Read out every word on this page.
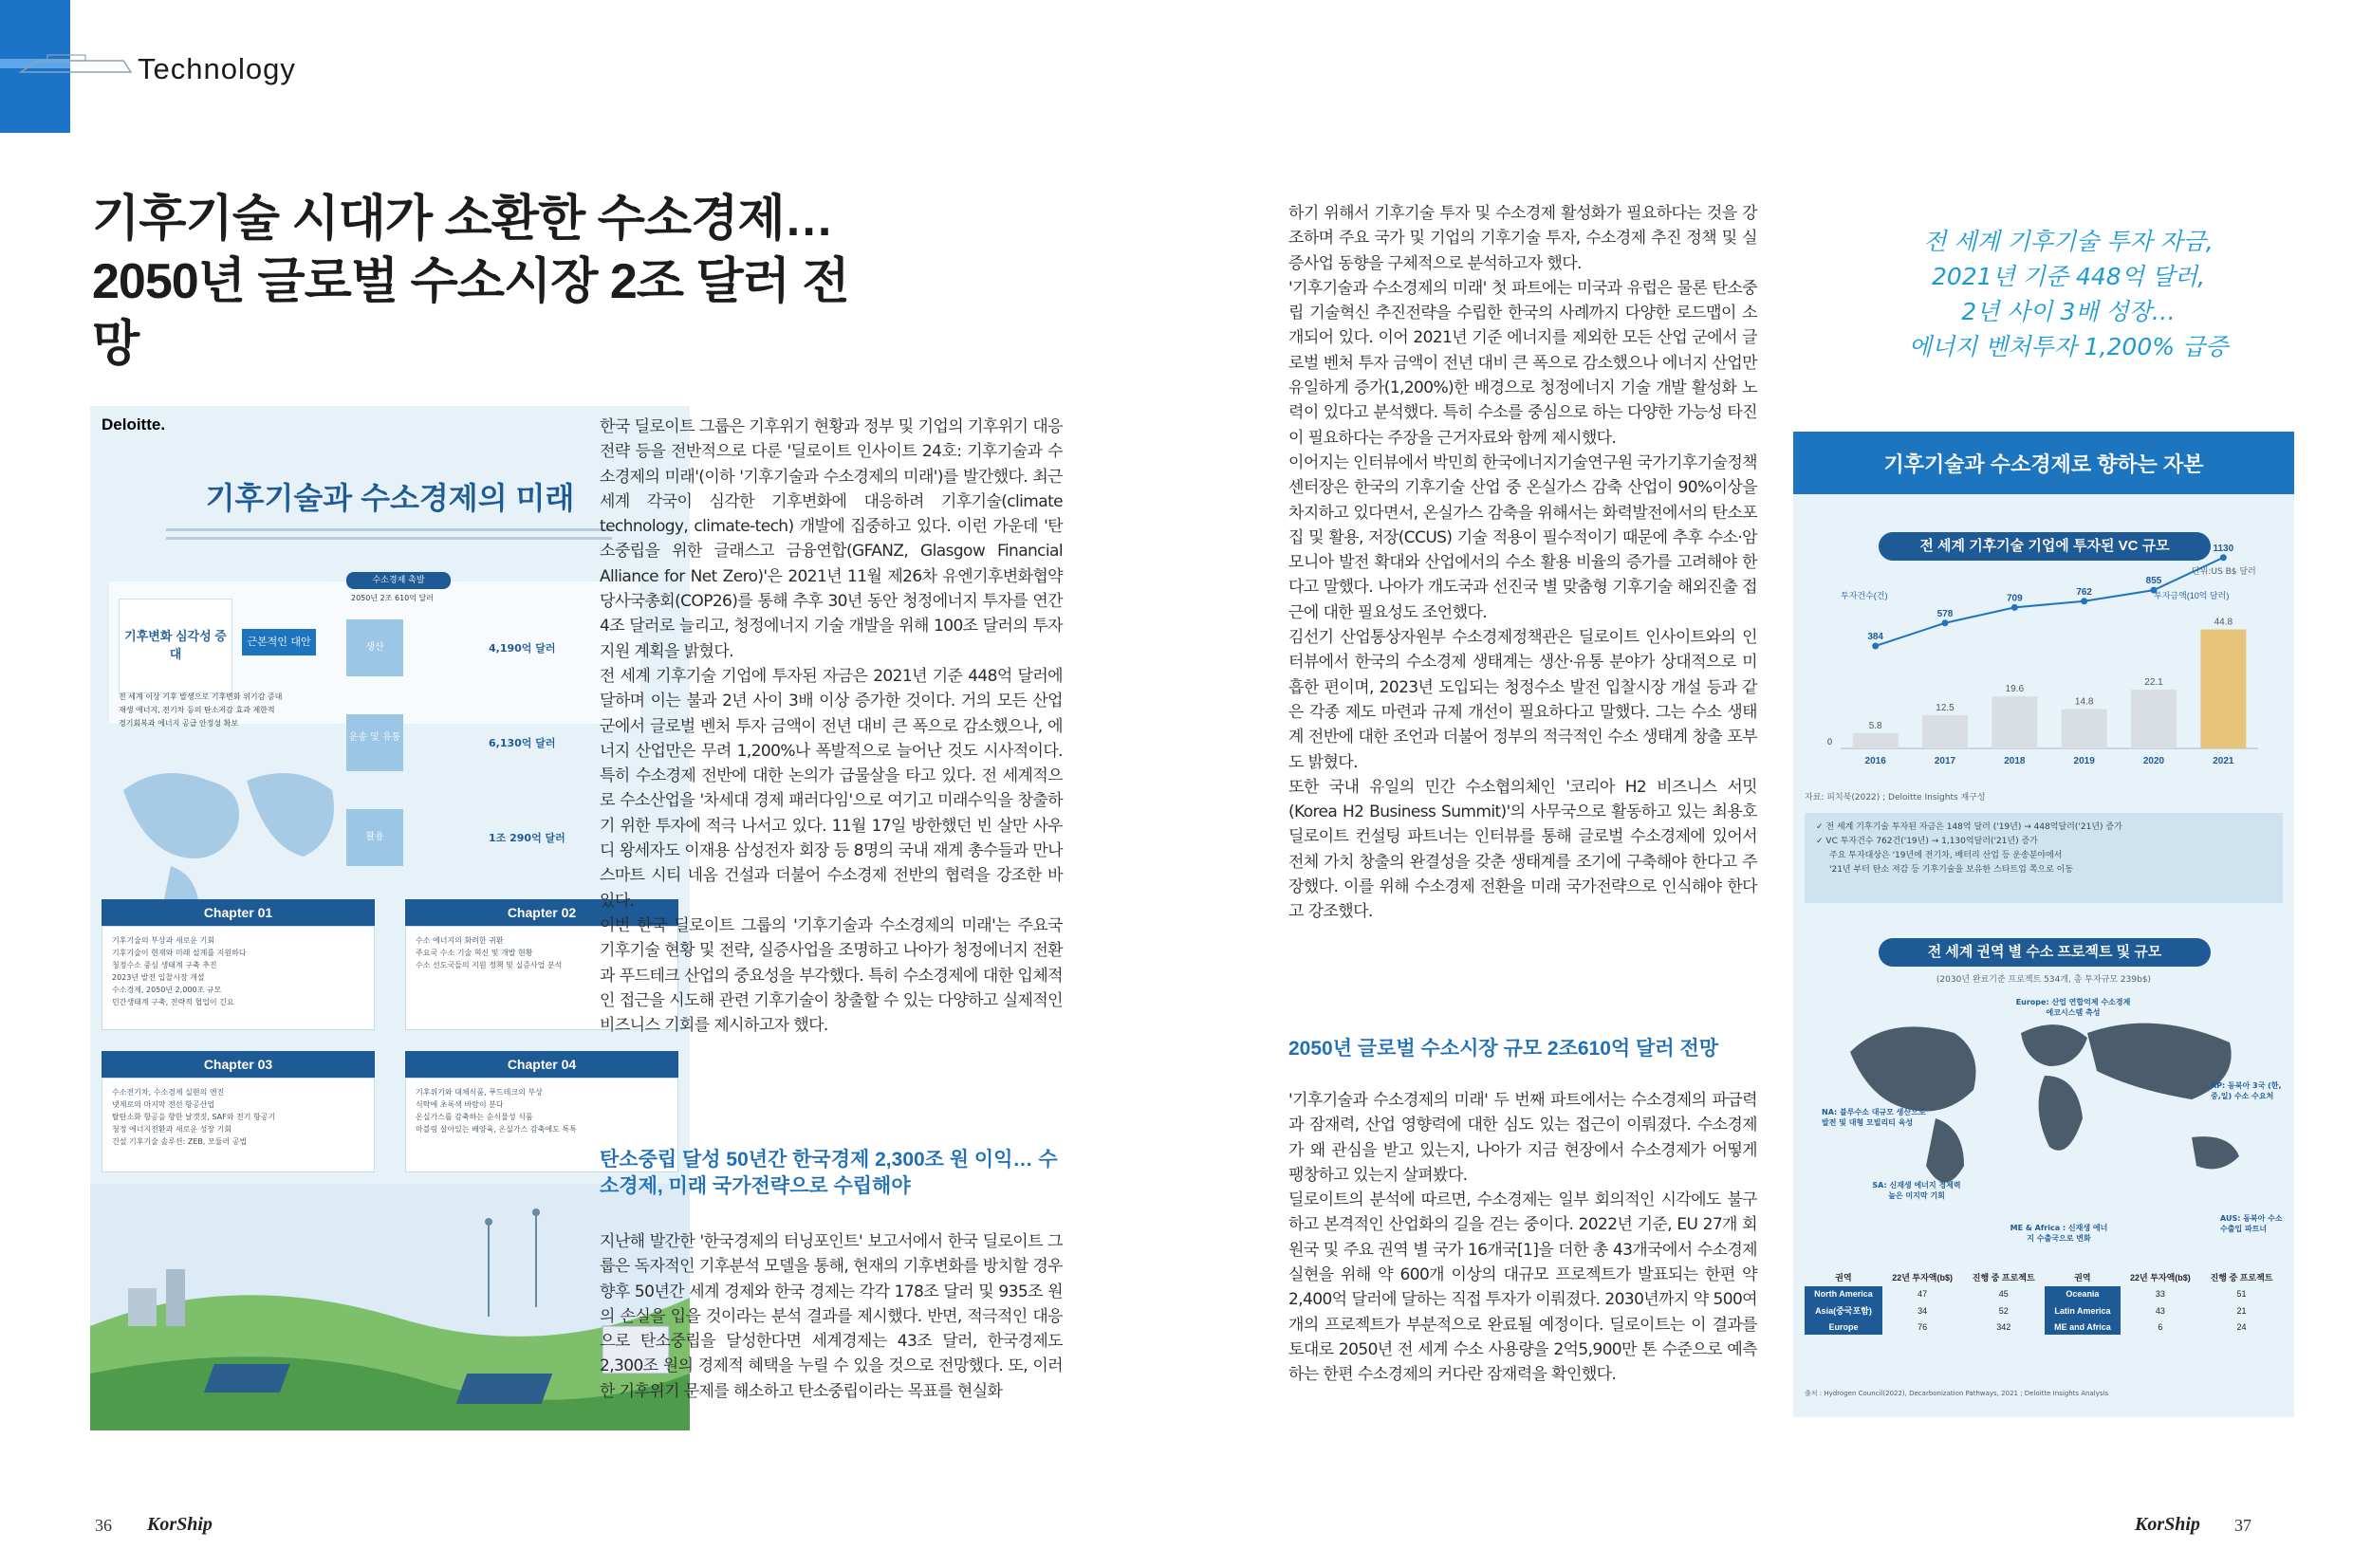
Technology
기후기술 시대가 소환한 수소경제…
2050년 글로벌 수소시장 2조 달러 전망
Deloitte.
기후기술과 수소경제의 미래
기후변화 심각성 증대
근본적인 대안
수소경제 촉발
2050년 2조 610억 달러
생산	4,190억 달러
운송 및 유통	6,130억 달러
활용	1조 290억 달러
전 세계 이상 기후 발생으로 기후변화 위기감 증대
재생 에너지, 전기차 등의 탄소저감 효과 제한적
경기회복과 에너지 공급 안정성 확보
Chapter 01
기후기술의 부상과 새로운 기회
기후기술이 현재와 미래 설계를 지원하다
청정수소 중심 생태계 구축 추진
2023년 발전 입찰시장 개설
수소경제, 2050년 2,000조 규모
민간생태계 구축, 전략적 협업이 긴요
Chapter 02
수소 에너지의 화려한 귀환
주요국 수소 기술 혁신 및 개발 현황
수소 선도국들의 지원 정책 및 실증사업 분석
Chapter 03
수소전기차, 수소경제 실현의 엔진
넷제로의 마지막 전선 항공산업
탈탄소화 항공을 향한 날갯짓, SAF와 전기 항공기
청정 에너지전환과 새로운 성장 기회
건설 기후기술 솔루션: ZEB, 모듈러 공법
Chapter 04
기후위기와 대체식품, 푸드테크의 부상
식탁에 초록색 바람이 분다
온실가스를 감축하는 순식물성 식품
마블링 살아있는 배양육, 온실가스 감축에도 톡톡

한국 딜로이트 그룹은 기후위기 현황과 정부 및 기업의 기후위기 대응 전략 등을 전반적으로 다룬 '딜로이트 인사이트 24호: 기후기술과 수소경제의 미래'(이하 '기후기술과 수소경제의 미래')를 발간했다. 최근 세계 각국이 심각한 기후변화에 대응하려 기후기술(climate technology, climate-tech) 개발에 집중하고 있다. 이런 가운데 '탄소중립을 위한 글래스고 금융연합(GFANZ, Glasgow Financial Alliance for Net Zero)'은 2021년 11월 제26차 유엔기후변화협약 당사국총회(COP26)를 통해 추후 30년 동안 청정에너지 투자를 연간 4조 달러로 늘리고, 청정에너지 기술 개발을 위해 100조 달러의 투자 지원 계획을 밝혔다.

전 세계 기후기술 기업에 투자된 자금은 2021년 기준 448억 달러에 달하며 이는 불과 2년 사이 3배 이상 증가한 것이다. 거의 모든 산업군에서 글로벌 벤처 투자 금액이 전년 대비 큰 폭으로 감소했으나, 에너지 산업만은 무려 1,200%나 폭발적으로 늘어난 것도 시사적이다. 특히 수소경제 전반에 대한 논의가 급물살을 타고 있다. 전 세계적으로 수소산업을 '차세대 경제 패러다임'으로 여기고 미래수익을 창출하기 위한 투자에 적극 나서고 있다. 11월 17일 방한했던 빈 살만 사우디 왕세자도 이재용 삼성전자 회장 등 8명의 국내 재계 총수들과 만나 스마트 시티 네옴 건설과 더불어 수소경제 전반의 협력을 강조한 바 있다.

이번 한국 딜로이트 그룹의 '기후기술과 수소경제의 미래'는 주요국 기후기술 현황 및 전략, 실증사업을 조명하고 나아가 청정에너지 전환과 푸드테크 산업의 중요성을 부각했다. 특히 수소경제에 대한 입체적인 접근을 시도해 관련 기후기술이 창출할 수 있는 다양하고 실제적인 비즈니스 기회를 제시하고자 했다.

탄소중립 달성 50년간 한국경제 2,300조 원 이익… 수소경제, 미래 국가전략으로 수립해야

지난해 발간한 '한국경제의 터닝포인트' 보고서에서 한국 딜로이트 그룹은 독자적인 기후분석 모델을 통해, 현재의 기후변화를 방치할 경우 향후 50년간 세계 경제와 한국 경제는 각각 178조 달러 및 935조 원의 손실을 입을 것이라는 분석 결과를 제시했다. 반면, 적극적인 대응으로 탄소중립을 달성한다면 세계경제는 43조 달러, 한국경제도 2,300조 원의 경제적 혜택을 누릴 수 있을 것으로 전망했다. 또, 이러한 기후위기 문제를 해소하고 탄소중립이라는 목표를 현실화

하기 위해서 기후기술 투자 및 수소경제 활성화가 필요하다는 것을 강조하며 주요 국가 및 기업의 기후기술 투자, 수소경제 추진 정책 및 실증사업 동향을 구체적으로 분석하고자 했다.

'기후기술과 수소경제의 미래' 첫 파트에는 미국과 유럽은 물론 탄소중립 기술혁신 추진전략을 수립한 한국의 사례까지 다양한 로드맵이 소개되어 있다. 이어 2021년 기준 에너지를 제외한 모든 산업 군에서 글로벌 벤처 투자 금액이 전년 대비 큰 폭으로 감소했으나 에너지 산업만 유일하게 증가(1,200%)한 배경으로 청정에너지 기술 개발 활성화 노력이 있다고 분석했다. 특히 수소를 중심으로 하는 다양한 가능성 타진이 필요하다는 주장을 근거자료와 함께 제시했다.

이어지는 인터뷰에서 박민희 한국에너지기술연구원 국가기후기술정책 센터장은 한국의 기후기술 산업 중 온실가스 감축 산업이 90%이상을 차지하고 있다면서, 온실가스 감축을 위해서는 화력발전에서의 탄소포집 및 활용, 저장(CCUS) 기술 적용이 필수적이기 때문에 추후 수소·암모니아 발전 확대와 산업에서의 수소 활용 비율의 증가를 고려해야 한다고 말했다. 나아가 개도국과 선진국 별 맞춤형 기후기술 해외진출 접근에 대한 필요성도 조언했다.

김선기 산업통상자원부 수소경제정책관은 딜로이트 인사이트와의 인터뷰에서 한국의 수소경제 생태계는 생산·유통 분야가 상대적으로 미흡한 편이며, 2023년 도입되는 청정수소 발전 입찰시장 개설 등과 같은 각종 제도 마련과 규제 개선이 필요하다고 말했다. 그는 수소 생태계 전반에 대한 조언과 더불어 정부의 적극적인 수소 생태계 창출 포부도 밝혔다.

또한 국내 유일의 민간 수소협의체인 '코리아 H2 비즈니스 서밋(Korea H2 Business Summit)'의 사무국으로 활동하고 있는 최용호 딜로이트 컨설팅 파트너는 인터뷰를 통해 글로벌 수소경제에 있어서 전체 가치 창출의 완결성을 갖춘 생태계를 조기에 구축해야 한다고 주장했다. 이를 위해 수소경제 전환을 미래 국가전략으로 인식해야 한다고 강조했다.

2050년 글로벌 수소시장 규모 2조610억 달러 전망

'기후기술과 수소경제의 미래' 두 번째 파트에서는 수소경제의 파급력과 잠재력, 산업 영향력에 대한 심도 있는 접근이 이뤄졌다. 수소경제가 왜 관심을 받고 있는지, 나아가 지금 현장에서 수소경제가 어떻게 팽창하고 있는지 살펴봤다.

딜로이트의 분석에 따르면, 수소경제는 일부 회의적인 시각에도 불구하고 본격적인 산업화의 길을 걷는 중이다. 2022년 기준, EU 27개 회원국 및 주요 권역 별 국가 16개국[1]을 더한 총 43개국에서 수소경제 실현을 위해 약 600개 이상의 대규모 프로젝트가 발표되는 한편 약 2,400억 달러에 달하는 직접 투자가 이뤄졌다. 2030년까지 약 500여개의 프로젝트가 부분적으로 완료될 예정이다. 딜로이트는 이 결과를 토대로 2050년 전 세계 수소 사용량을 2억5,900만 톤 수준으로 예측하는 한편 수소경제의 커다란 잠재력을 확인했다.

전 세계 기후기술 투자 자금,
2021년 기준 448억 달러,
2년 사이 3배 성장…
에너지 벤처투자 1,200% 급증
기후기술과 수소경제로 향하는 자본
전 세계 기후기술 기업에 투자된 VC 규모
단위:US B$ 달러
0
5.8
2016
12.5
2017
19.6
2018
14.8
2019
22.1
2020
44.8
2021
384
578
709
762
855
1130
투자건수(건)	투자금액(10억 달러)
자료: 피치북(2022) ; Deloitte Insights 재구성
✓ 전 세계 기후기술 투자된 자금은 148억 달러 ('19년) → 448억달러('21년) 증가
✓ VC 투자건수 762건('19년) → 1,130억달러('21년) 증가
주요 투자대상은 '19년에 전기차, 배터리 산업 등 운송분야에서
'21년 부터 탄소 저감 등 기후기술을 보유한 스타트업 쪽으로 이동
전 세계 권역 별 수소 프로젝트 및 규모
(2030년 완료기준 프로젝트 534개, 총 투자규모 239b$)
Europe: 산업 연합억제 수소경제 에코시스템 촉성
NA: 블루수소 대규모 생산으로 발전 및 대형 모빌리티 육성
AP: 동북아 3국 (한,중,일) 수소 수요처
SA: 신재생 에너지 경제력 높은 미지막 기회
ME & Africa : 신재생 에너지 수출국으로 변화
AUS: 동북아 수소 수출입 파트너
권역	22년 투자액(b$)	진행 중 프로젝트	권역	22년 투자액(b$)	진행 중 프로젝트
North America	47	45	Oceania	33	51
Asia(중국포함)	34	52	Latin America	43	21
Europe	76	342	ME and Africa	6	24
출처 : Hydrogen Council(2022), Decarbonization Pathways, 2021 ; Deloitte Insights Analysis
36 KorShip	KorShip 37
